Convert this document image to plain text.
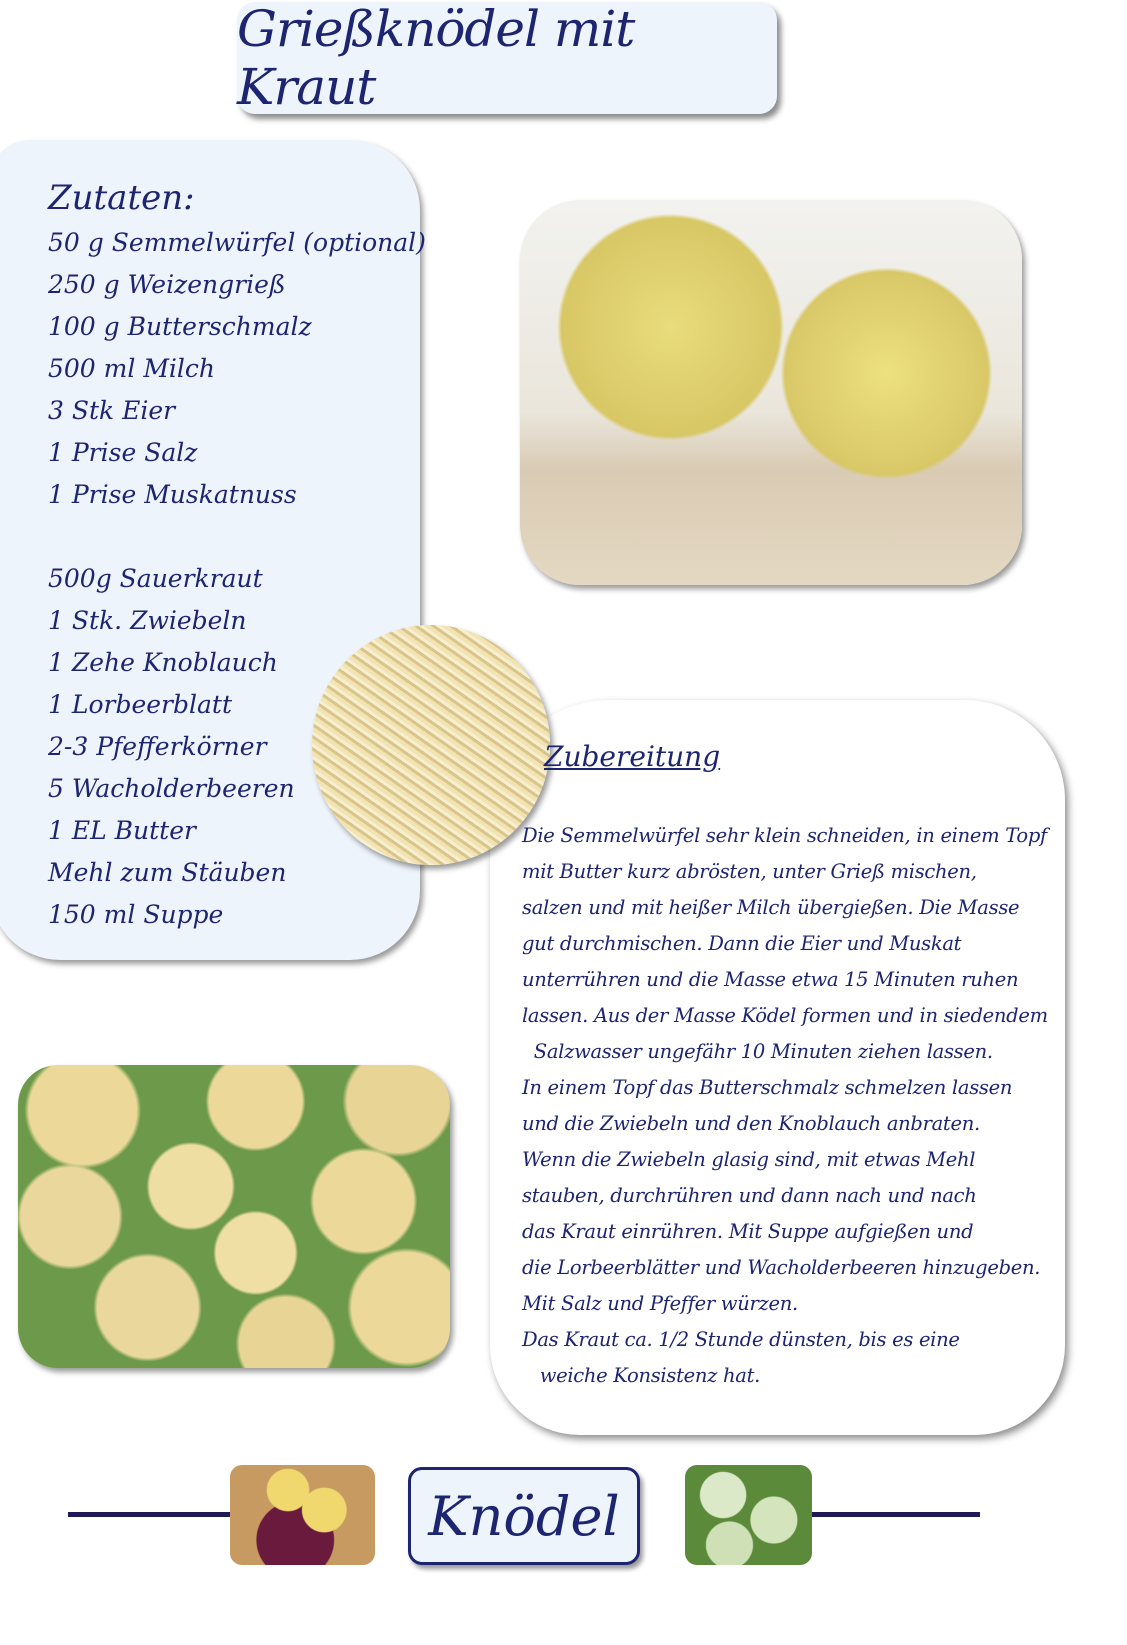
Grießknödel mit Kraut
Zutaten:
50 g Semmelwürfel (optional)
250 g Weizengrieß
100 g Butterschmalz
500 ml Milch
3 Stk Eier
1 Prise Salz
1 Prise Muskatnuss
500g Sauerkraut
1 Stk. Zwiebeln
1 Zehe Knoblauch
1 Lorbeerblatt
2-3 Pfefferkörner
5 Wacholderbeeren
1 EL Butter
Mehl zum Stäuben
150 ml Suppe
Zubereitung
Die Semmelwürfel sehr klein schneiden, in einem Topf
mit Butter kurz abrösten, unter Grieß mischen,
salzen und mit heißer Milch übergießen. Die Masse
gut durchmischen. Dann die Eier und Muskat
unterrühren und die Masse etwa 15 Minuten ruhen
lassen. Aus der Masse Ködel formen und in siedendem
Salzwasser ungefähr 10 Minuten ziehen lassen.
In einem Topf das Butterschmalz schmelzen lassen
und die Zwiebeln und den Knoblauch anbraten.
Wenn die Zwiebeln glasig sind, mit etwas Mehl
stauben, durchrühren und dann nach und nach
das Kraut einrühren. Mit Suppe aufgießen und
die Lorbeerblätter und Wacholderbeeren hinzugeben.
Mit Salz und Pfeffer würzen.
Das Kraut ca. 1/2 Stunde dünsten, bis es eine
weiche Konsistenz hat.
Knödel
